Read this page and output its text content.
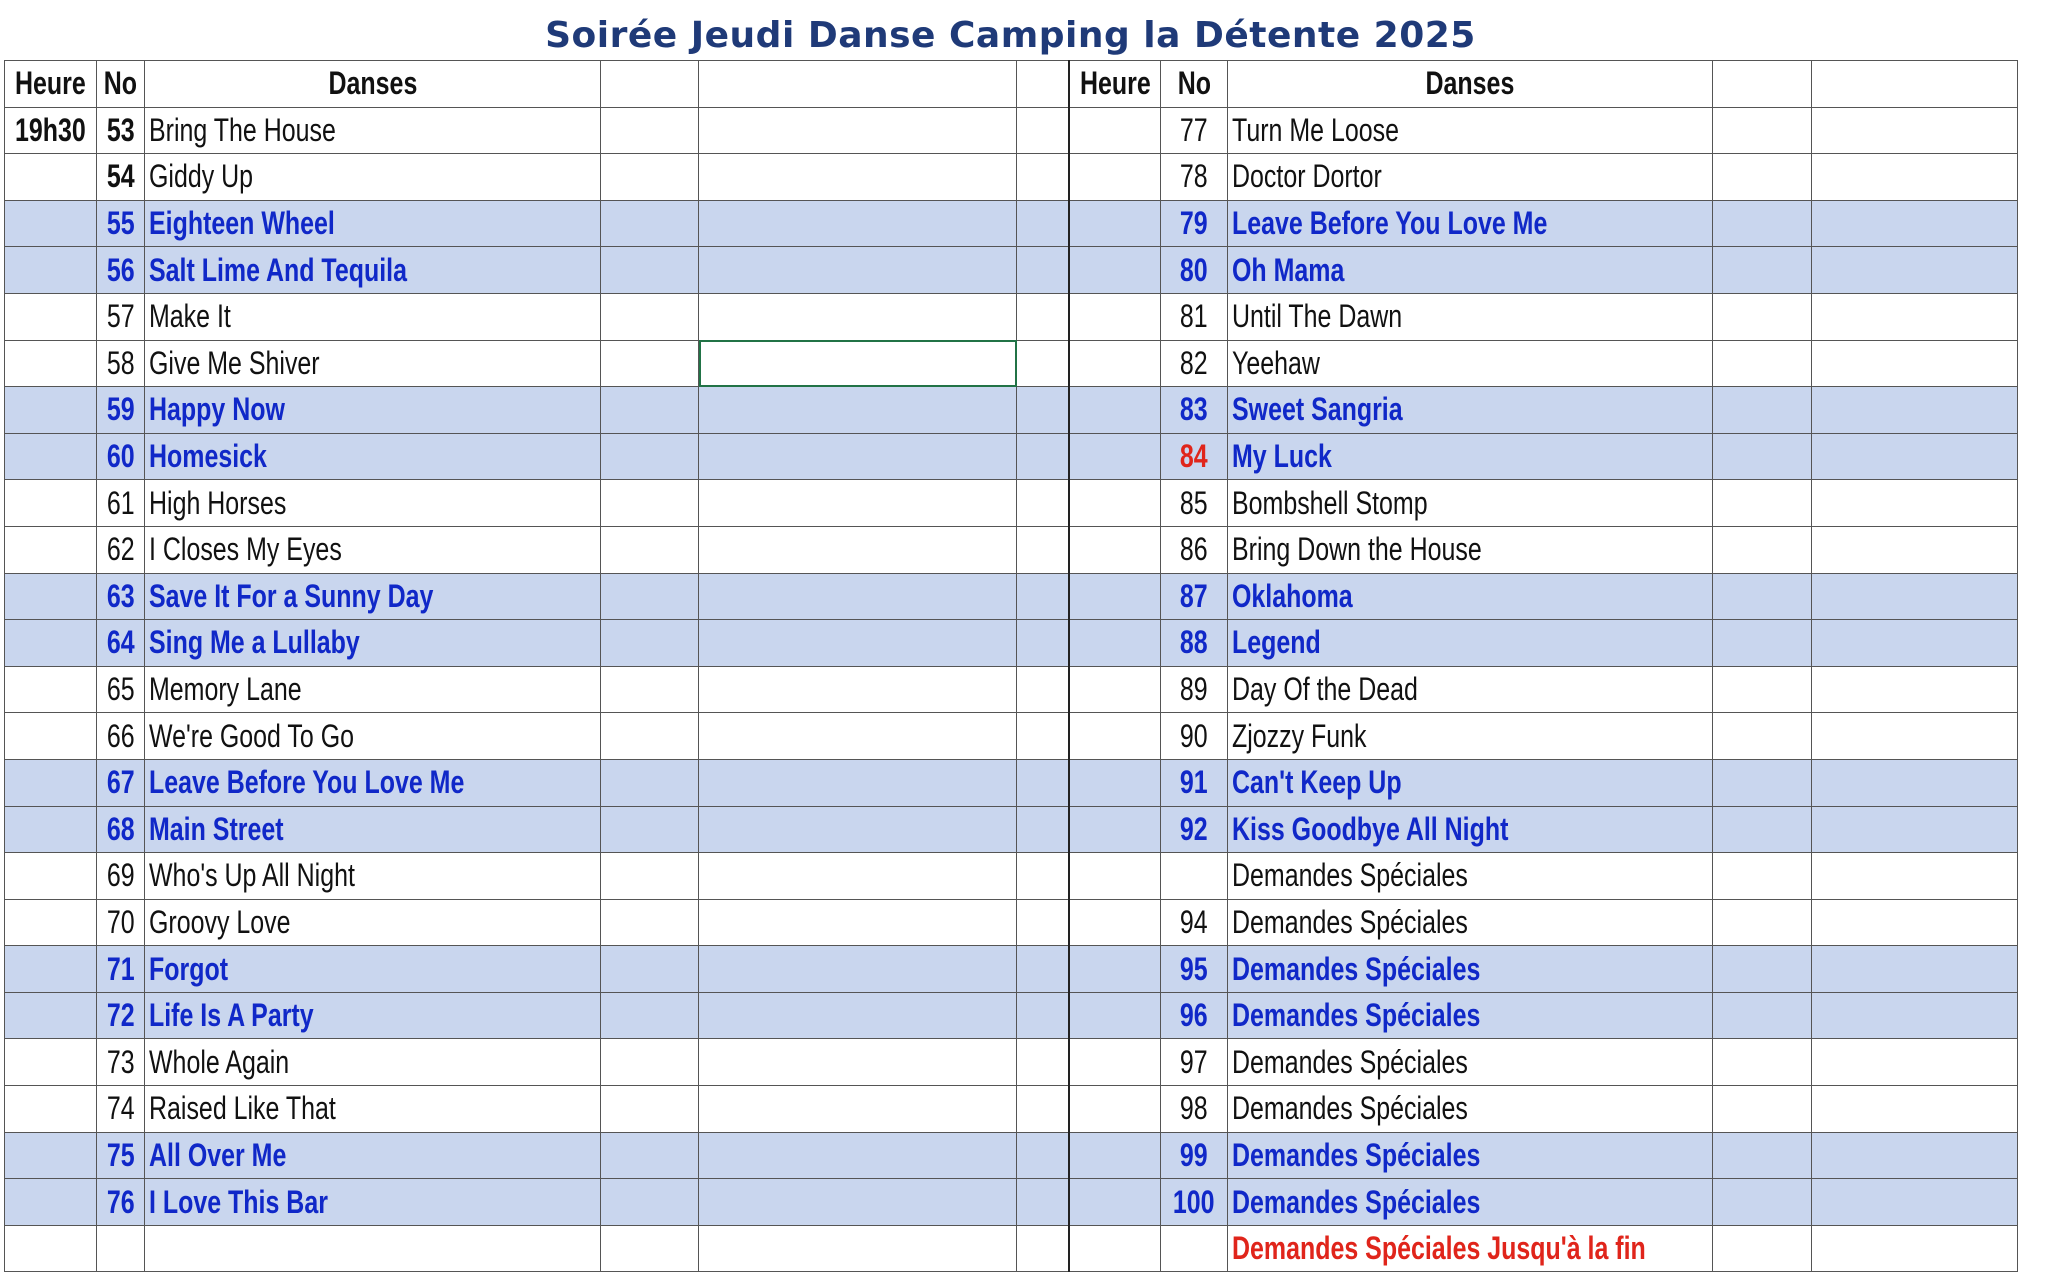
Soirée Jeudi Danse Camping la Détente 2025
Heure	No	Danses				Heure	No	Danses		
19h30	53	Bring The House					77	Turn Me Loose		
	54	Giddy Up					78	Doctor Dortor		
	55	Eighteen Wheel					79	Leave Before You Love Me		
	56	Salt Lime And Tequila					80	Oh Mama		
	57	Make It					81	Until The Dawn		
	58	Give Me Shiver					82	Yeehaw		
	59	Happy Now					83	Sweet Sangria		
	60	Homesick					84	My Luck		
	61	High Horses					85	Bombshell Stomp		
	62	I Closes My Eyes					86	Bring Down the House		
	63	Save It For a Sunny Day					87	Oklahoma		
	64	Sing Me a Lullaby					88	Legend		
	65	Memory Lane					89	Day Of the Dead		
	66	We're Good To Go					90	Zjozzy Funk		
	67	Leave Before You Love Me					91	Can't Keep Up		
	68	Main Street					92	Kiss Goodbye All Night		
	69	Who's Up All Night						Demandes Spéciales		
	70	Groovy Love					94	Demandes Spéciales		
	71	Forgot					95	Demandes Spéciales		
	72	Life Is A Party					96	Demandes Spéciales		
	73	Whole Again					97	Demandes Spéciales		
	74	Raised Like That					98	Demandes Spéciales		
	75	All Over Me					99	Demandes Spéciales		
	76	I Love This Bar					100	Demandes Spéciales		
								Demandes Spéciales Jusqu'à la fin		
